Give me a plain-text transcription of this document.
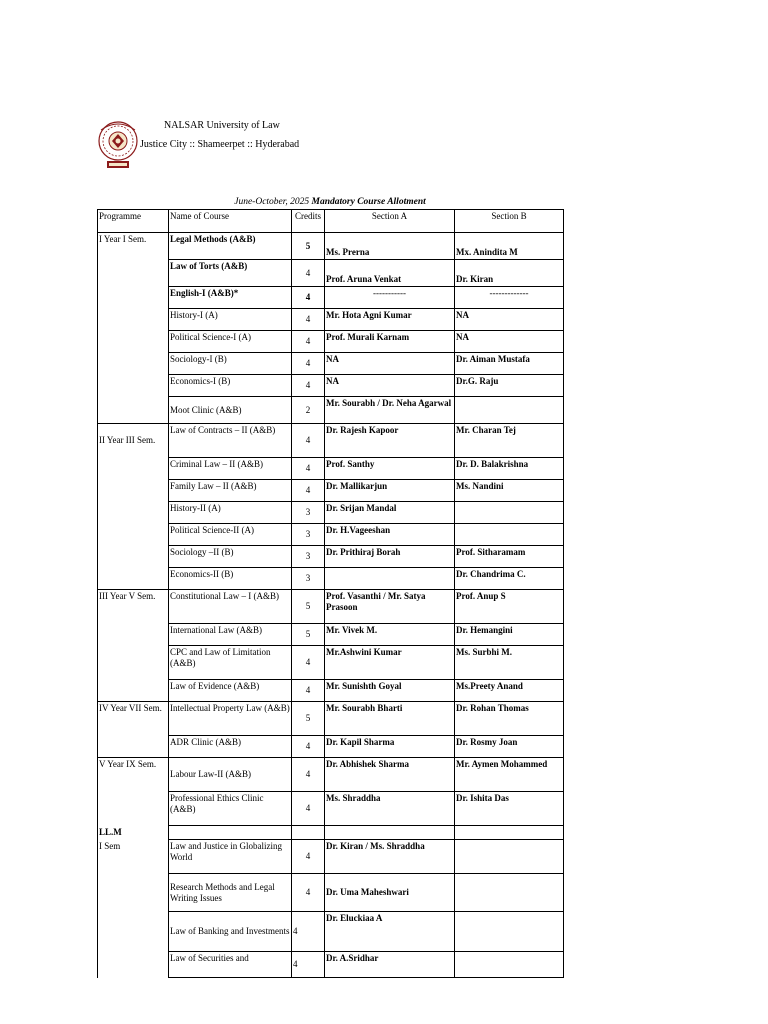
NALSAR University of Law
Justice City :: Shameerpet :: Hyderabad
June-October, 2025 Mandatory Course Allotment
Programme	Name of Course	Credits	Section A	Section B
I Year I Sem.	Legal Methods (A&B)	5	Ms. Prerna	Mx. Anindita M
	Law of Torts (A&B)	4	Prof. Aruna Venkat	Dr. Kiran
	English-I (A&B)*	4	-----------	-------------
	History-I (A)	4	Mr. Hota Agni Kumar	NA
	Political Science-I (A)	4	Prof. Murali Karnam	NA
	Sociology-I (B)	4	NA	Dr. Aiman Mustafa
	Economics-I (B)	4	NA	Dr.G. Raju
	Moot Clinic (A&B)	2	Mr. Sourabh / Dr. Neha Agarwal	
II Year III Sem.	Law of Contracts – II (A&B)	4	Dr. Rajesh Kapoor	Mr. Charan Tej
	Criminal Law – II (A&B)	4	Prof. Santhy	Dr. D. Balakrishna
	Family Law – II (A&B)	4	Dr. Mallikarjun	Ms. Nandini
	History-II (A)	3	Dr. Srijan Mandal	
	Political Science-II (A)	3	Dr. H.Vageeshan	
	Sociology –II (B)	3	Dr. Prithiraj Borah	Prof. Sitharamam
	Economics-II (B)	3		Dr. Chandrima C.
III Year V Sem.	Constitutional Law – I (A&B)	5	Prof. Vasanthi / Mr. Satya Prasoon	Prof. Anup S
	International Law (A&B)	5	Mr. Vivek M.	Dr. Hemangini
	CPC and Law of Limitation (A&B)	4	Mr.Ashwini Kumar	Ms. Surbhi M.
	Law of Evidence (A&B)	4	Mr. Sunishth Goyal	Ms.Preety Anand
IV Year VII Sem.	Intellectual Property Law (A&B)	5	Mr. Sourabh Bharti	Dr. Rohan Thomas
	ADR Clinic (A&B)	4	Dr. Kapil Sharma	Dr. Rosmy Joan
V Year IX Sem.	Labour Law-II (A&B)	4	Dr. Abhishek Sharma	Mr. Aymen Mohammed
	Professional Ethics Clinic (A&B)	4	Ms. Shraddha	Dr. Ishita Das
LL.M				
I Sem	Law and Justice in Globalizing World	4	Dr. Kiran / Ms. Shraddha	
	Research Methods and Legal Writing Issues	4	Dr. Uma Maheshwari	
	Law of Banking and Investments	4	Dr. Eluckiaa A	
	Law of Securities and	4	Dr. A.Sridhar	
